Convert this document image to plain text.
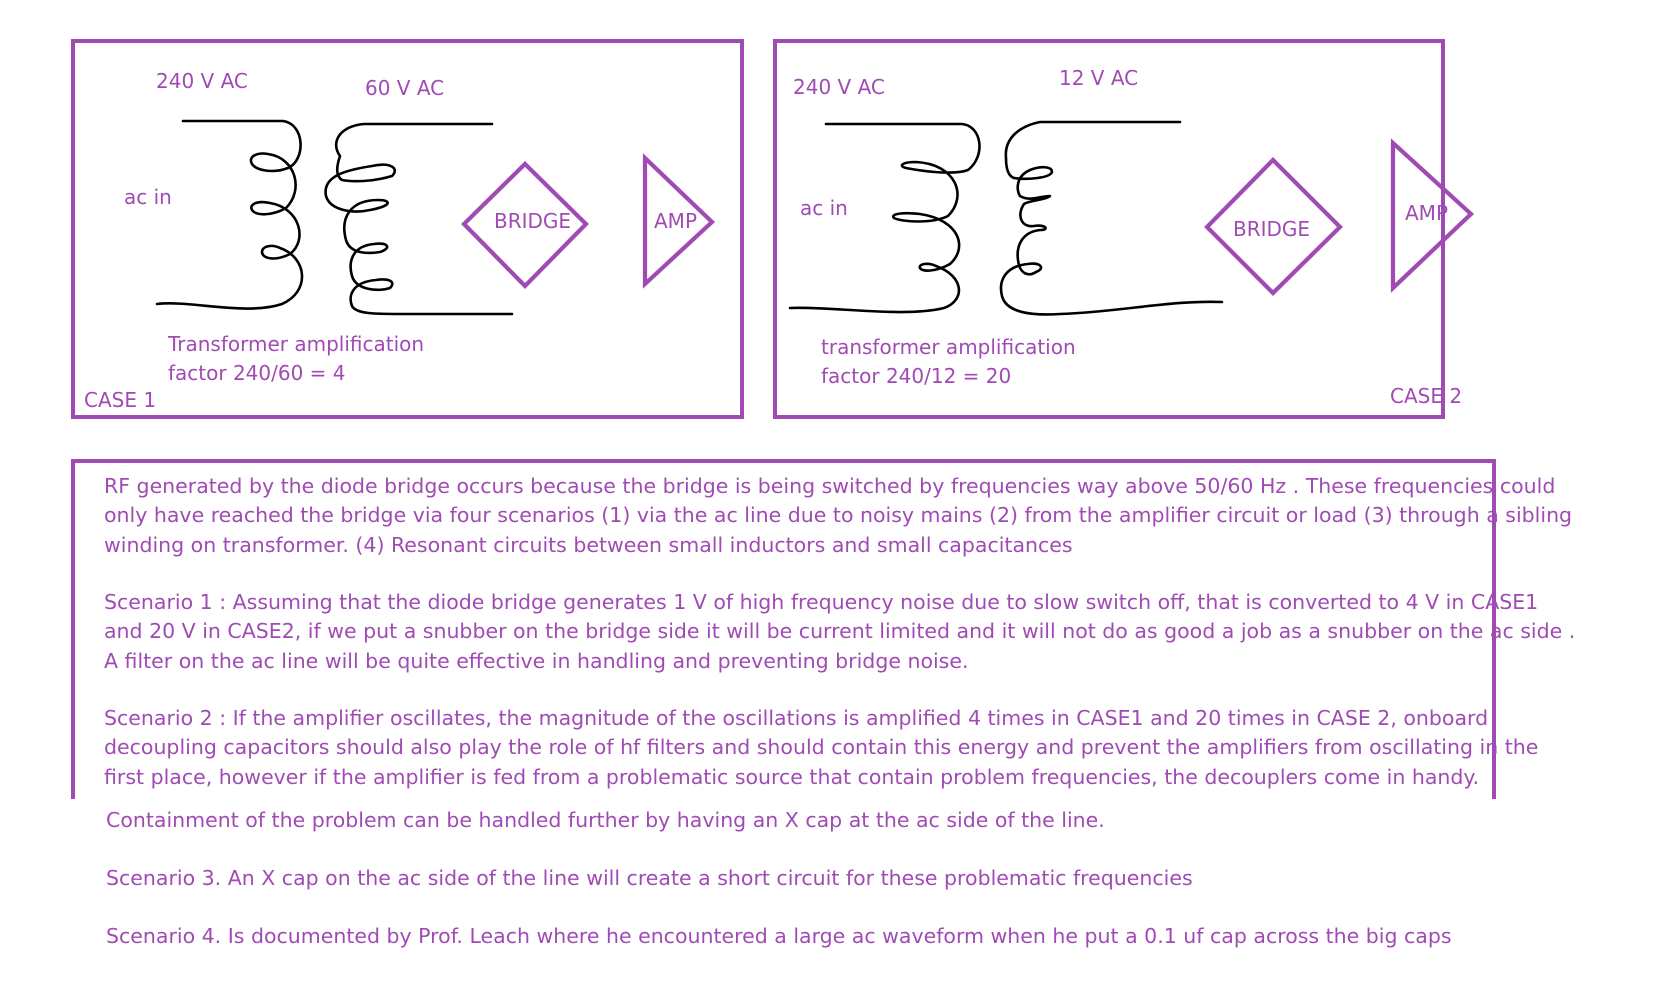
240 V AC	60 V AC
ac in
BRIDGE	AMP
Transformer amplification
factor 240/60 = 4
CASE 1
240 V AC	12 V AC
ac in
BRIDGE
AMP
transformer amplification
factor 240/12 = 20
CASE 2

RF generated by the diode bridge occurs because the bridge is being switched by frequencies way above 50/60 Hz . These frequencies could

only have reached the bridge via four scenarios (1) via the ac line due to noisy mains (2) from the amplifier circuit or load (3) through a sibling

winding on transformer. (4) Resonant circuits between small inductors and small capacitances

Scenario 1 : Assuming that the diode bridge generates 1 V of high frequency noise due to slow switch off, that is converted to 4 V in CASE1

and 20 V in CASE2, if we put a snubber on the bridge side it will be current limited and it will not do as good a job as a snubber on the ac side .

A filter on the ac line will be quite effective in handling and preventing bridge noise.

Scenario 2 : If the amplifier oscillates, the magnitude of the oscillations is amplified 4 times in CASE1 and 20 times in CASE 2, onboard

decoupling capacitors should also play the role of hf filters and should contain this energy and prevent the amplifiers from oscillating in the

first place, however if the amplifier is fed from a problematic source that contain problem frequencies, the decouplers come in handy.

Containment of the problem can be handled further by having an X cap at the ac side of the line.
Scenario 3. An X cap on the ac side of the line will create a short circuit for these problematic frequencies
Scenario 4. Is documented by Prof. Leach where he encountered a large ac waveform when he put a 0.1 uf cap across the big caps
